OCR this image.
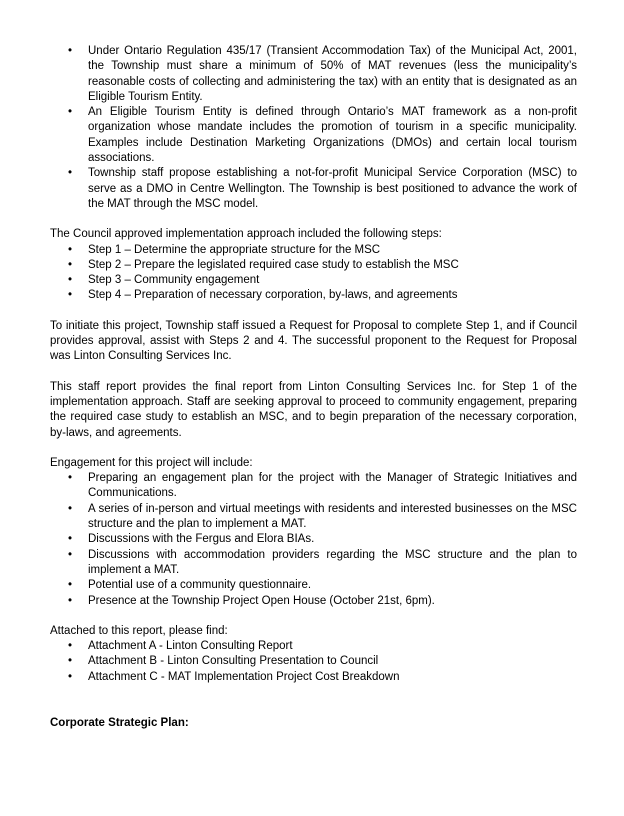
•
Under Ontario Regulation 435/17 (Transient Accommodation Tax) of the Municipal Act, 2001, the Township must share a minimum of 50% of MAT revenues (less the municipality’s reasonable costs of collecting and administering the tax) with an entity that is designated as an Eligible Tourism Entity.
•
An Eligible Tourism Entity is defined through Ontario’s MAT framework as a non-profit organization whose mandate includes the promotion of tourism in a specific municipality. Examples include Destination Marketing Organizations (DMOs) and certain local tourism associations.
•
Township staff propose establishing a not-for-profit Municipal Service Corporation (MSC) to serve as a DMO in Centre Wellington. The Township is best positioned to advance the work of the MAT through the MSC model.

The Council approved implementation approach included the following steps:

•
Step 1 – Determine the appropriate structure for the MSC
•
Step 2 – Prepare the legislated required case study to establish the MSC
•
Step 3 – Community engagement
•
Step 4 – Preparation of necessary corporation, by-laws, and agreements

To initiate this project, Township staff issued a Request for Proposal to complete Step 1, and if Council provides approval, assist with Steps 2 and 4. The successful proponent to the Request for Proposal was Linton Consulting Services Inc.

This staff report provides the final report from Linton Consulting Services Inc. for Step 1 of the implementation approach. Staff are seeking approval to proceed to community engagement, preparing the required case study to establish an MSC, and to begin preparation of the necessary corporation, by-laws, and agreements.

Engagement for this project will include:

•
Preparing an engagement plan for the project with the Manager of Strategic Initiatives and Communications.
•
A series of in-person and virtual meetings with residents and interested businesses on the MSC structure and the plan to implement a MAT.
•
Discussions with the Fergus and Elora BIAs.
•
Discussions with accommodation providers regarding the MSC structure and the plan to implement a MAT.
•
Potential use of a community questionnaire.
•
Presence at the Township Project Open House (October 21st, 6pm).

Attached to this report, please find:

•
Attachment A - Linton Consulting Report
•
Attachment B - Linton Consulting Presentation to Council
•
Attachment C - MAT Implementation Project Cost Breakdown

Corporate Strategic Plan:
